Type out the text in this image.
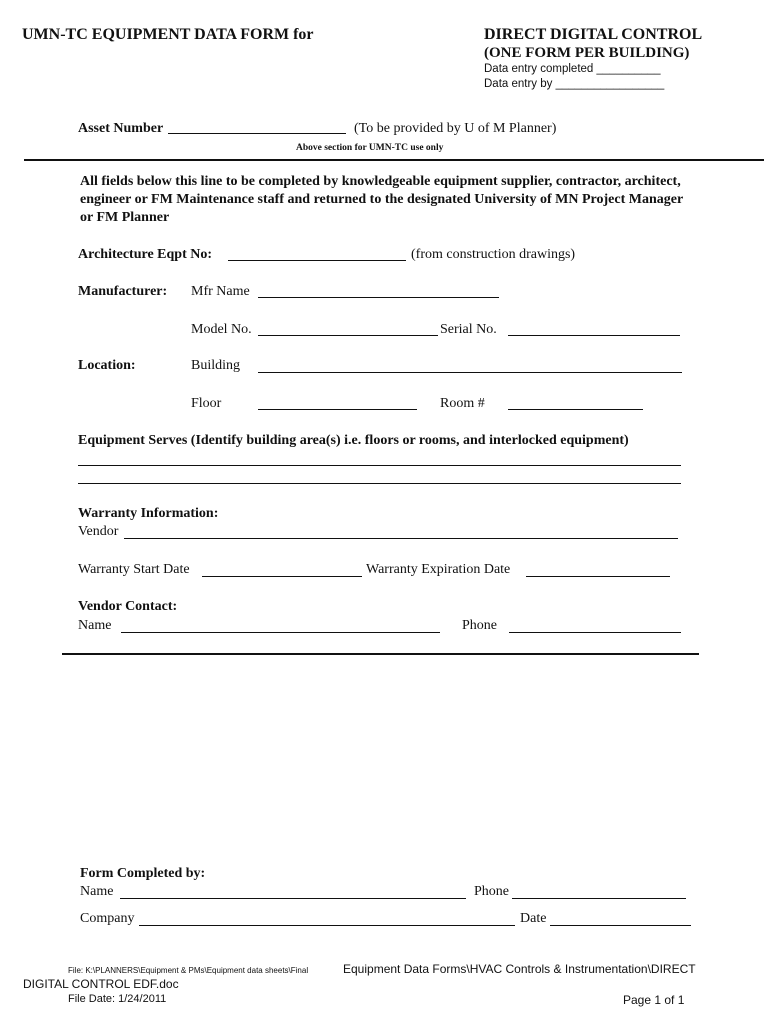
UMN-TC EQUIPMENT DATA FORM for	DIRECT DIGITAL CONTROL
(ONE FORM PER BUILDING)
Data entry completed __________
Data entry by _________________
Asset Number	(To be provided by U of M Planner)
Above section for UMN-TC use only
All fields below this line to be completed by knowledgeable equipment supplier, contractor, architect,
engineer or FM Maintenance staff and returned to the designated University of MN Project Manager
or FM Planner
Architecture Eqpt No:	(from construction drawings)
Manufacturer: Mfr Name
Model No.	Serial No.
Location:	Building
Floor	Room #
Equipment Serves (Identify building area(s) i.e. floors or rooms, and interlocked equipment)
Warranty Information:
Vendor
Warranty Start Date	Warranty Expiration Date
Vendor Contact:
Name	Phone
Form Completed by:
Name	Phone
Company	Date
File: K:\PLANNERS\Equipment & PMs\Equipment data sheets\Final	Equipment Data Forms\HVAC Controls & Instrumentation\DIRECT
DIGITAL CONTROL EDF.doc
File Date: 1/24/2011	Page 1 of 1
